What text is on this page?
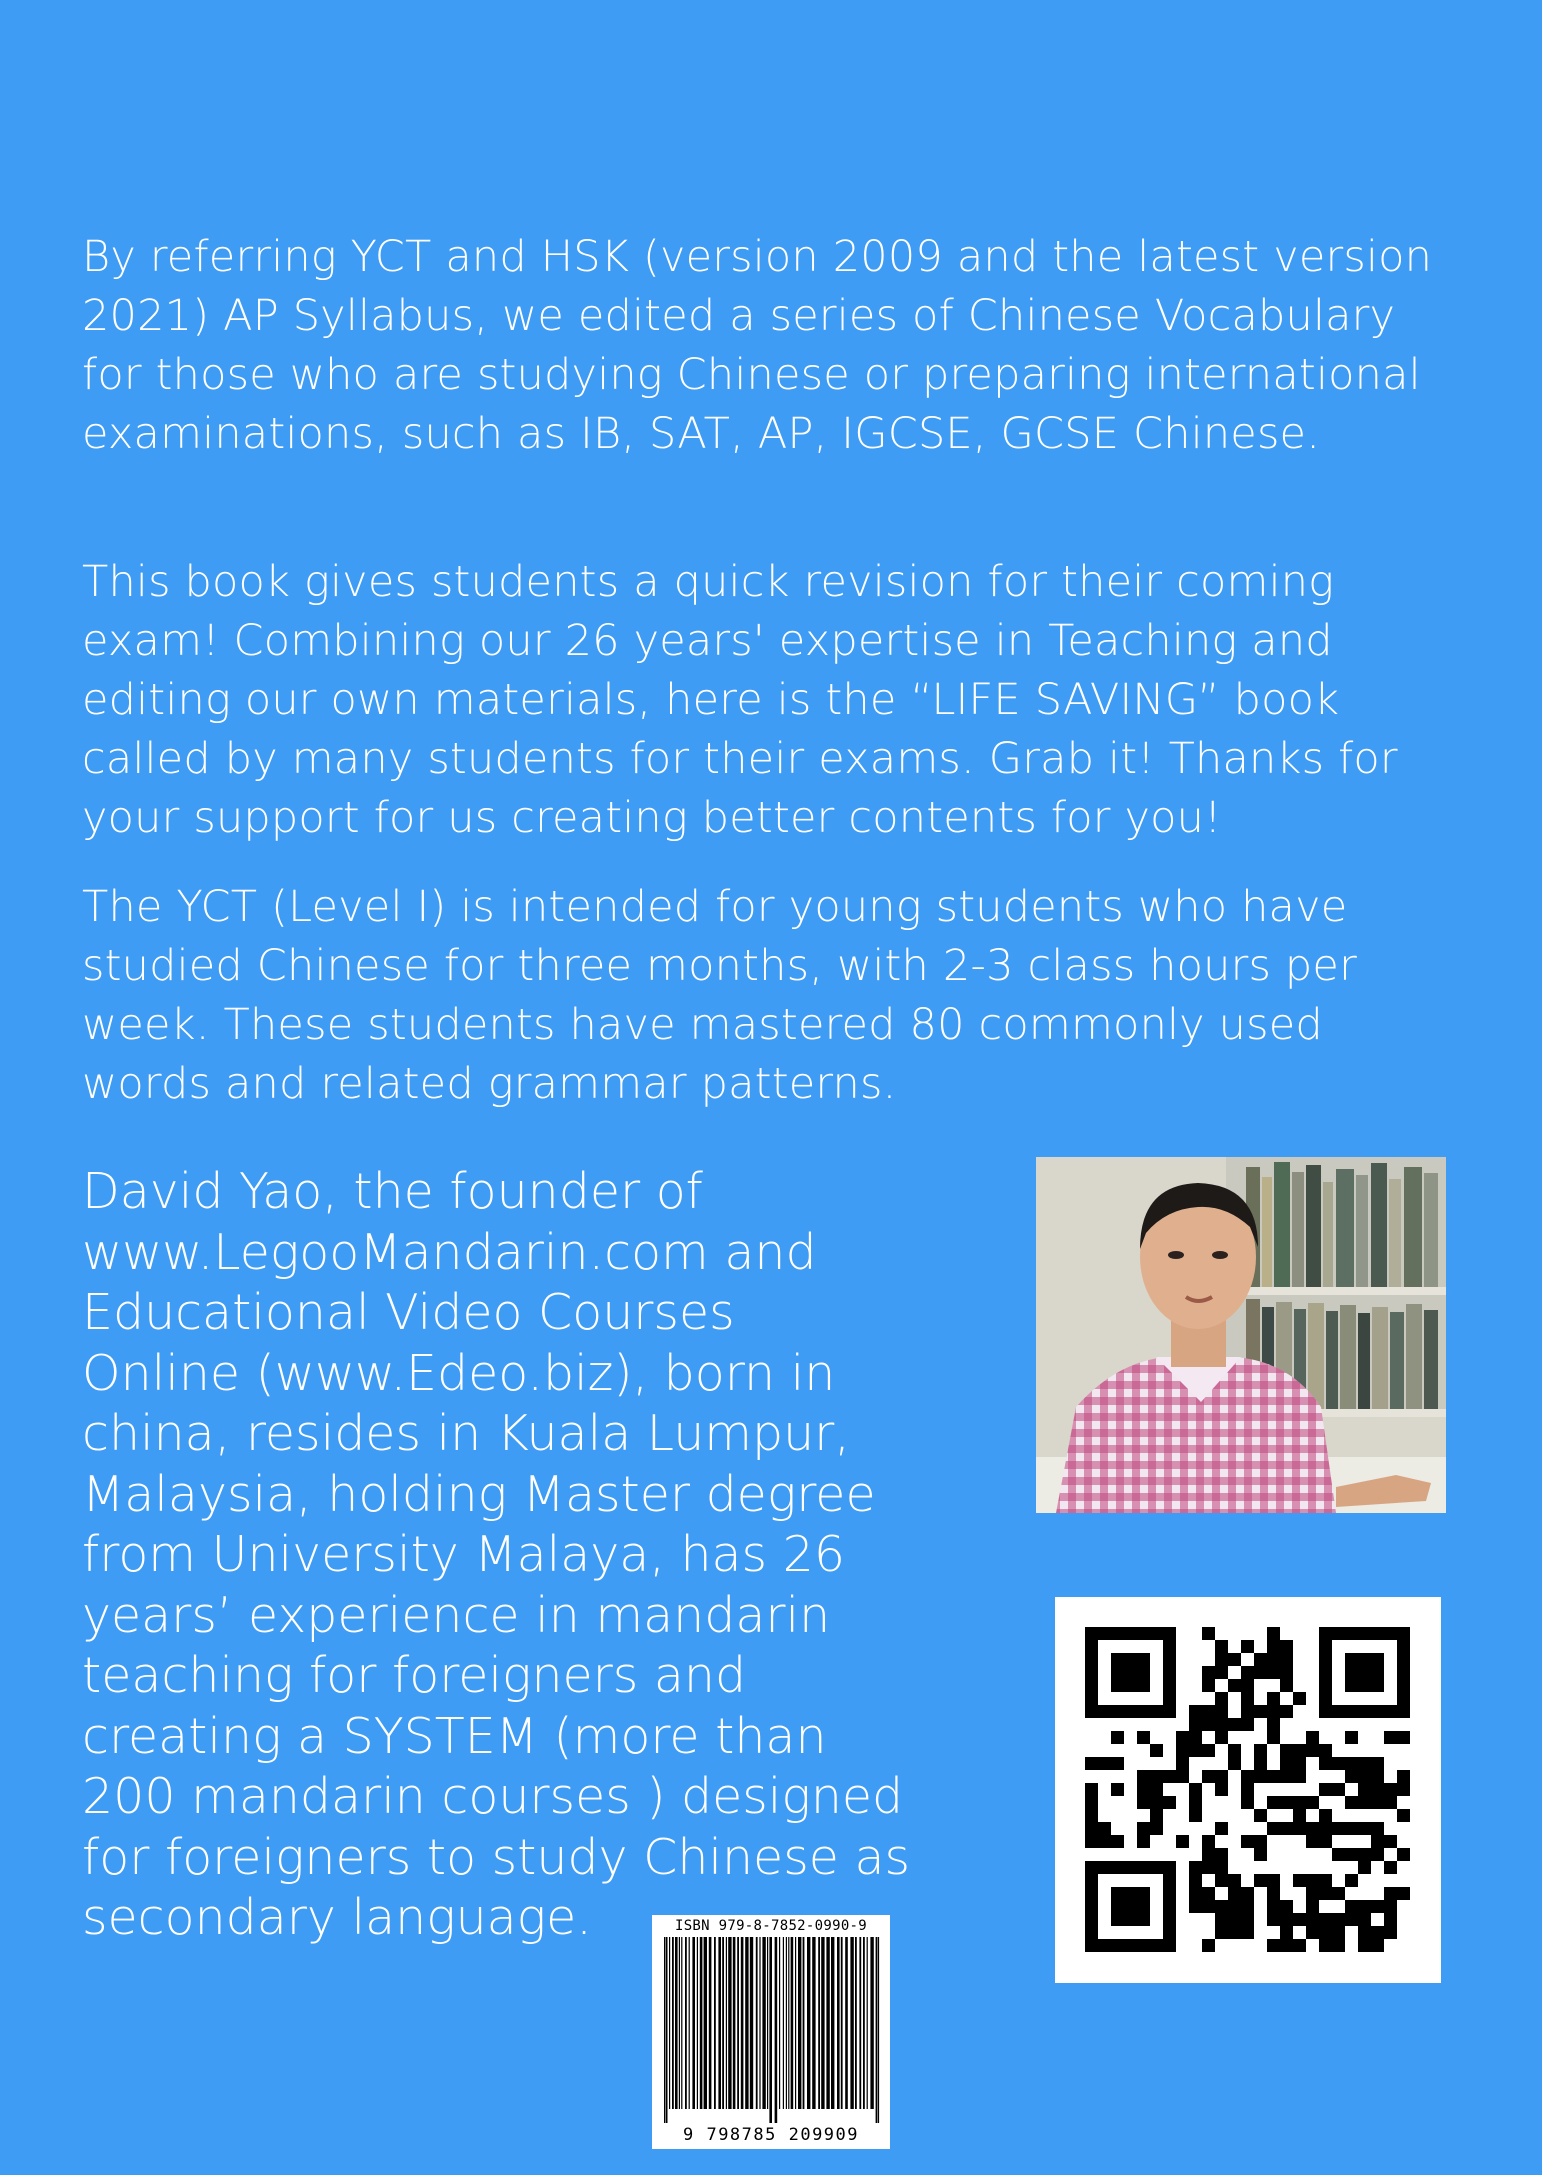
By referring YCT and HSK (version 2009 and the latest version 2021) AP Syllabus, we edited a series of Chinese Vocabulary for those who are studying Chinese or preparing international examinations, such as IB, SAT, AP, IGCSE, GCSE Chinese.

This book gives students a quick revision for their coming exam! Combining our 26 years' expertise in Teaching and editing our own materials, here is the “LIFE SAVING” book called by many students for their exams. Grab it! Thanks for your support for us creating better contents for you!

The YCT (Level I) is intended for young students who have studied Chinese for three months, with 2-3 class hours per week. These students have mastered 80 commonly used words and related grammar patterns.

David Yao, the founder of
www.LegooMandarin.com and
Educational Video Courses
Online (www.Edeo.biz), born in
china, resides in Kuala Lumpur,
Malaysia, holding Master degree
from University Malaya, has 26
years’ experience in mandarin
teaching for foreigners and
creating a SYSTEM (more than
200 mandarin courses ) designed
for foreigners to study Chinese as
secondary language.	ISBN 979-8-7852-0990-9
9 798785 209909
